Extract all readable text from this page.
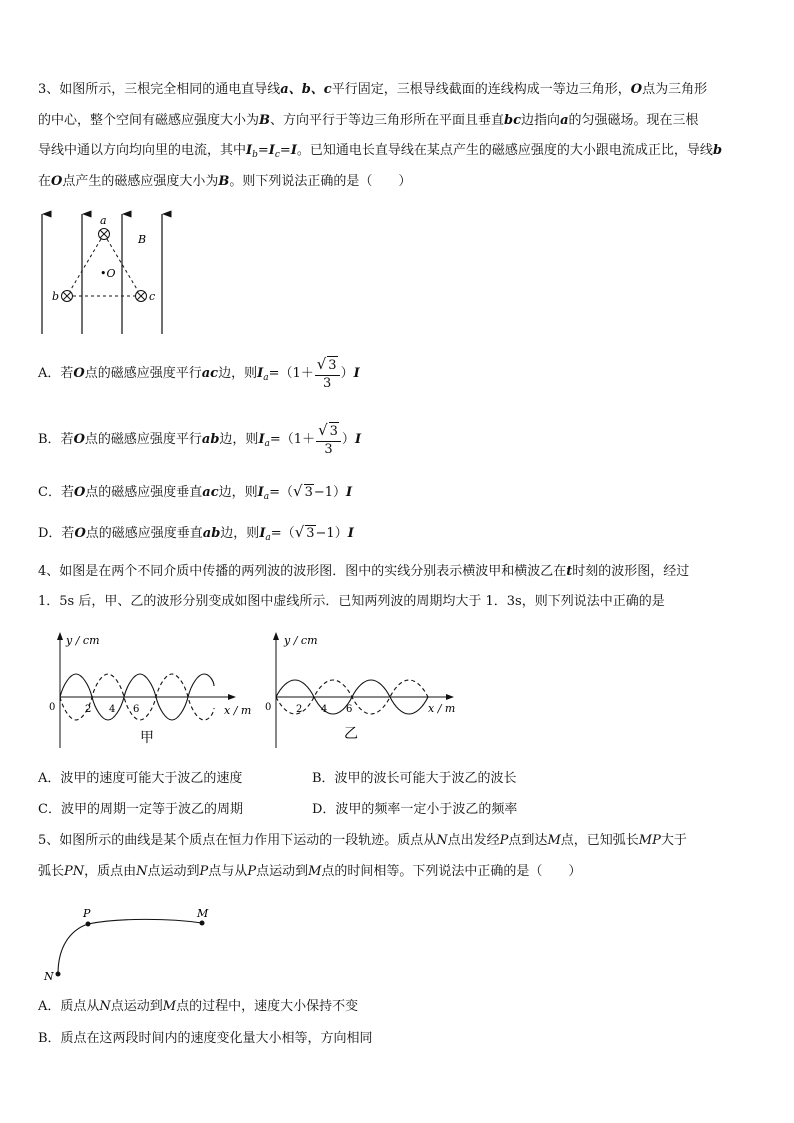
3、如图所示，三根完全相同的通电直导线a、b、c平行固定，三根导线截面的连线构成一等边三角形，O点为三角形
的中心，整个空间有磁感应强度大小为B、方向平行于等边三角形所在平面且垂直bc边指向a的匀强磁场。现在三根
导线中通以方向均向里的电流，其中$I_b=I_c=I$。已知通电长直导线在某点产生的磁感应强度的大小跟电流成正比，导线b
在O点产生的磁感应强度大小为B。则下列说法正确的是（　　）
a
b	c
•O
B
A．若O点的磁感应强度平行ac边，则$I_a=(1+ \frac{√ 3}{3} )I$
B．若O点的磁感应强度平行ab边，则$I_a=(1+ \frac{√ 3}{3} )I$
C．若O点的磁感应强度垂直ac边，则$I_a=(√$ 3−1）I
D．若O点的磁感应强度垂直ab边，则$I_a=(√$ 3−1）I
4、如图是在两个不同介质中传播的两列波的波形图．图中的实线分别表示横波甲和横波乙在t时刻的波形图，经过
1．5s 后，甲、乙的波形分别变成如图中虚线所示．已知两列波的周期均大于 1．3s，则下列说法中正确的是
y / cm
x / m
0	2 4 6
甲
y / cm
x / m
0 2 4 6
乙
A．波甲的速度可能大于波乙的速度	B．波甲的波长可能大于波乙的波长
C．波甲的周期一定等于波乙的周期	D．波甲的频率一定小于波乙的频率
5、如图所示的曲线是某个质点在恒力作用下运动的一段轨迹。质点从N点出发经P点到达M点，已知弧长MP大于
弧长PN，质点由N点运动到P点与从P点运动到M点的时间相等。下列说法中正确的是（　　）
P	M
N
A．质点从N点运动到M点的过程中，速度大小保持不变
B．质点在这两段时间内的速度变化量大小相等，方向相同
